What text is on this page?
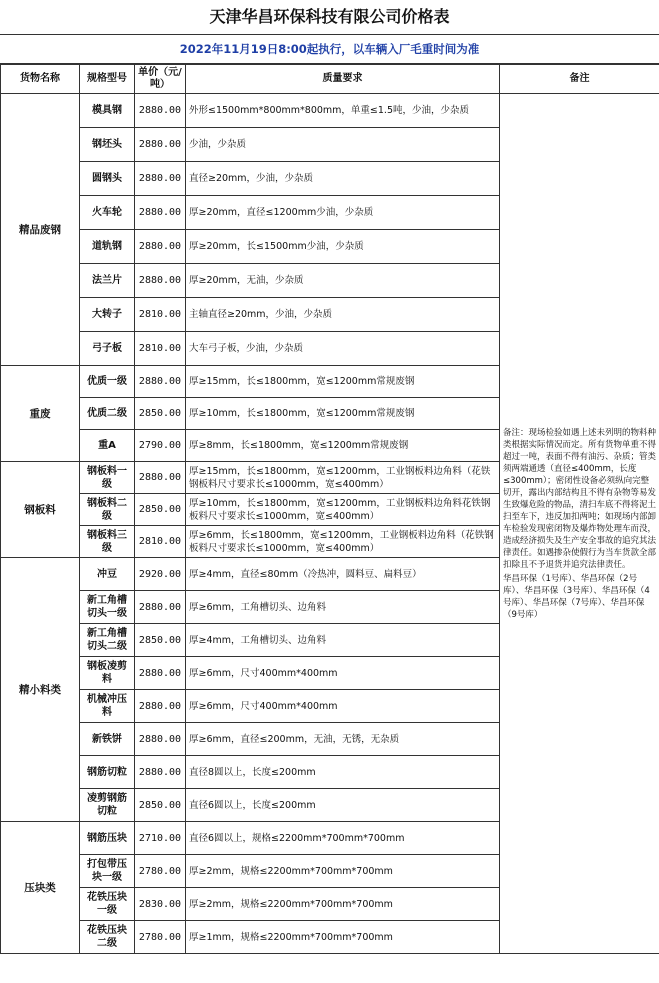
天津华昌环保科技有限公司价格表
2022年11月19日8:00起执行，以车辆入厂毛重时间为准
货物名称	规格型号	单价（元/吨）	质量要求	备注
精品废钢	模具钢	2880.00	外形≤1500mm*800mm*800mm，单重≤1.5吨，少油，少杂质	备注：现场检验如遇上述未列明的物料种类根据实际情况而定。所有货物单重不得超过一吨，表面不得有油污、杂质；管类须两端通透（直径≤400mm，长度≤300mm）；密闭性设备必须纵向完整切开，露出内部结构且不得有杂物等易发生致爆危险的物品，清扫车底不得将泥土扫至车下，违反加扣两吨；如现场内部卸车检验发现密闭物及爆炸物处理车而没，造成经济损失及生产安全事故的追究其法律责任。如遇掺杂使假行为当车货款全部扣除且不予退货并追究法律责任。
华昌环保（1号库）、华昌环保（2号库）、华昌环保（3号库）、华昌环保（4号库）、华昌环保（7号库）、华昌环保（9号库）

	钢坯头	2880.00	少油，少杂质	
	圆钢头	2880.00	直径≥20mm，少油，少杂质	
	火车轮	2880.00	厚≥20mm，直径≤1200mm少油，少杂质	
	道轨钢	2880.00	厚≥20mm，长≤1500mm少油，少杂质	
	法兰片	2880.00	厚≥20mm，无油，少杂质	
	大转子	2810.00	主轴直径≥20mm，少油，少杂质	
	弓子板	2810.00	大车弓子板，少油，少杂质	
重废	优质一级	2880.00	厚≥15mm，长≤1800mm，宽≤1200mm常规废钢	
	优质二级	2850.00	厚≥10mm，长≤1800mm，宽≤1200mm常规废钢	
	重A	2790.00	厚≥8mm，长≤1800mm，宽≤1200mm常规废钢	
钢板料	钢板料一级	2880.00	厚≥15mm，长≤1800mm，宽≤1200mm，工业钢板料边角料（花铁钢板料尺寸要求长≤1000mm，宽≤400mm）	
	钢板料二级	2850.00	厚≥10mm，长≤1800mm，宽≤1200mm，工业钢板料边角料花铁钢板料尺寸要求长≤1000mm，宽≤400mm）	
	钢板料三级	2810.00	厚≥6mm，长≤1800mm，宽≤1200mm，工业钢板料边角料（花铁钢板料尺寸要求长≤1000mm，宽≤400mm）	
精小料类	冲豆	2920.00	厚≥4mm，直径≤80mm（冷热冲，圆料豆、扁料豆）	
	新工角槽切头一级	2880.00	厚≥6mm，工角槽切头、边角料	
	新工角槽切头二级	2850.00	厚≥4mm，工角槽切头、边角料	
	钢板凌剪料	2880.00	厚≥6mm，尺寸400mm*400mm	
	机械冲压料	2880.00	厚≥6mm，尺寸400mm*400mm	
	新铁饼	2880.00	厚≥6mm，直径≤200mm，无油，无锈，无杂质	
	钢筋切粒	2880.00	直径8圆以上，长度≤200mm	
	凌剪钢筋切粒	2850.00	直径6圆以上，长度≤200mm	
压块类	钢筋压块	2710.00	直径6圆以上，规格≤2200mm*700mm*700mm	
	打包带压块一级	2780.00	厚≥2mm，规格≤2200mm*700mm*700mm	
	花铁压块一级	2830.00	厚≥2mm，规格≤2200mm*700mm*700mm	
	花铁压块二级	2780.00	厚≥1mm，规格≤2200mm*700mm*700mm	
